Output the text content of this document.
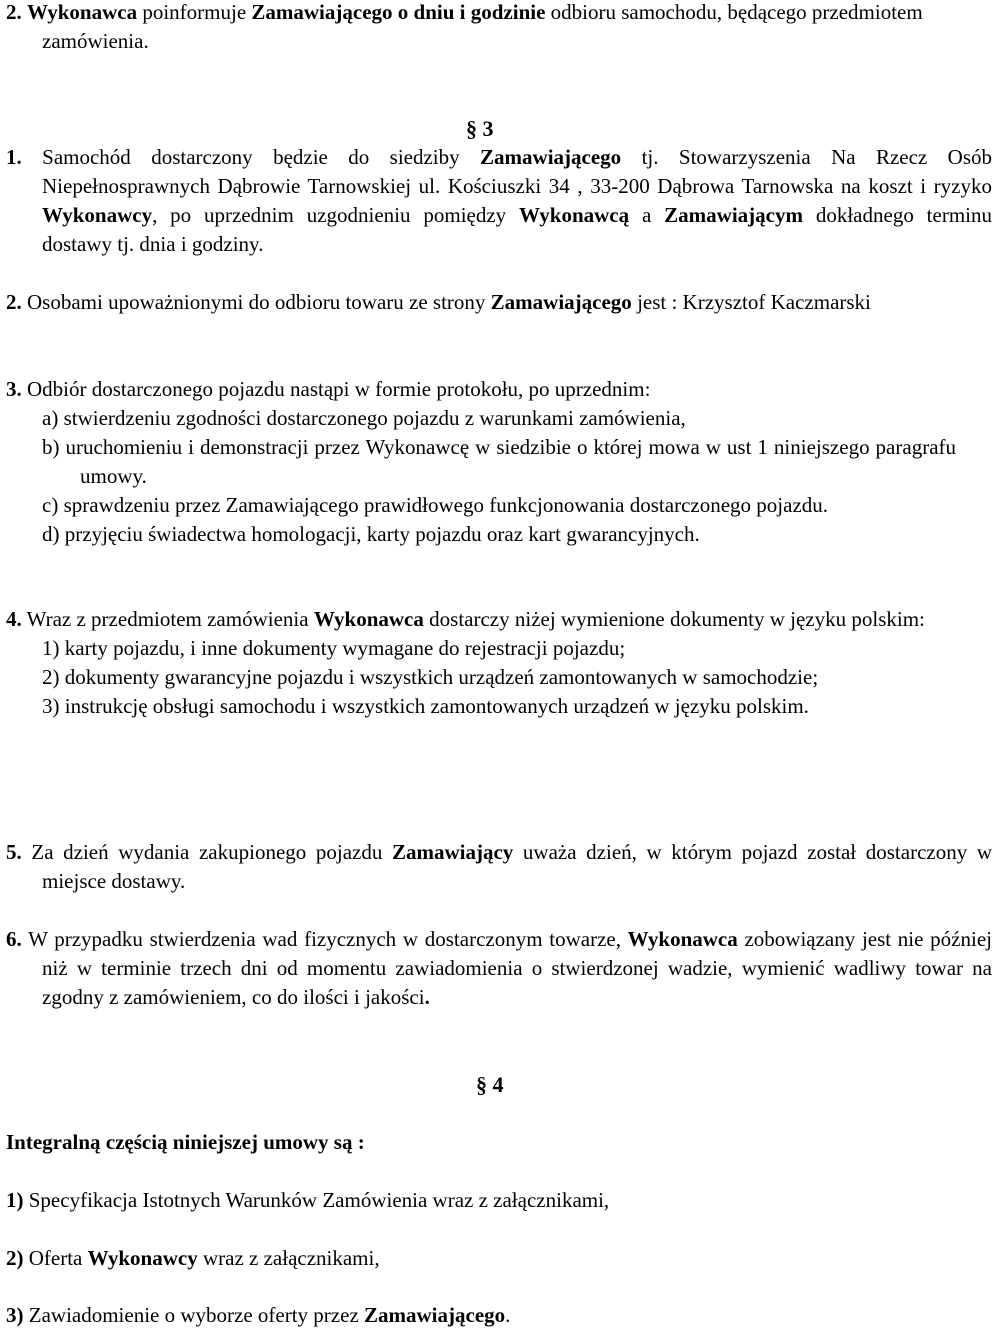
2. Wykonawca poinformuje Zamawiającego o dniu i godzinie odbioru samochodu, będącego przedmiotem zamówienia.

§ 3

1. Samochód dostarczony będzie do siedziby Zamawiającego tj. Stowarzyszenia Na Rzecz Osób Niepełnosprawnych Dąbrowie Tarnowskiej ul. Kościuszki 34 , 33-200 Dąbrowa Tarnowska na koszt i ryzyko Wykonawcy, po uprzednim uzgodnieniu pomiędzy Wykonawcą a Zamawiającym dokładnego terminu dostawy tj. dnia i godziny.

2. Osobami upoważnionymi do odbioru towaru ze strony Zamawiającego jest : Krzysztof Kaczmarski

3. Odbiór dostarczonego pojazdu nastąpi w formie protokołu, po uprzednim:

a) stwierdzeniu zgodności dostarczonego pojazdu z warunkami zamówienia,

b) uruchomieniu i demonstracji przez Wykonawcę w siedzibie o której mowa w ust 1 niniejszego paragrafu umowy.

c) sprawdzeniu przez Zamawiającego prawidłowego funkcjonowania dostarczonego pojazdu.

d) przyjęciu świadectwa homologacji, karty pojazdu oraz kart gwarancyjnych.

4. Wraz z przedmiotem zamówienia Wykonawca dostarczy niżej wymienione dokumenty w języku polskim:

1) karty pojazdu, i inne dokumenty wymagane do rejestracji pojazdu;

2) dokumenty gwarancyjne pojazdu i wszystkich urządzeń zamontowanych w samochodzie;

3) instrukcję obsługi samochodu i wszystkich zamontowanych urządzeń w języku polskim.

5. Za dzień wydania zakupionego pojazdu Zamawiający uważa dzień, w którym pojazd został dostarczony w miejsce dostawy.

6. W przypadku stwierdzenia wad fizycznych w dostarczonym towarze, Wykonawca zobowiązany jest nie później niż w terminie trzech dni od momentu zawiadomienia o stwierdzonej wadzie, wymienić wadliwy towar na zgodny z zamówieniem, co do ilości i jakości.

§ 4

Integralną częścią niniejszej umowy są :

1) Specyfikacja Istotnych Warunków Zamówienia wraz z załącznikami,

2) Oferta Wykonawcy wraz z załącznikami,

3) Zawiadomienie o wyborze oferty przez Zamawiającego.
